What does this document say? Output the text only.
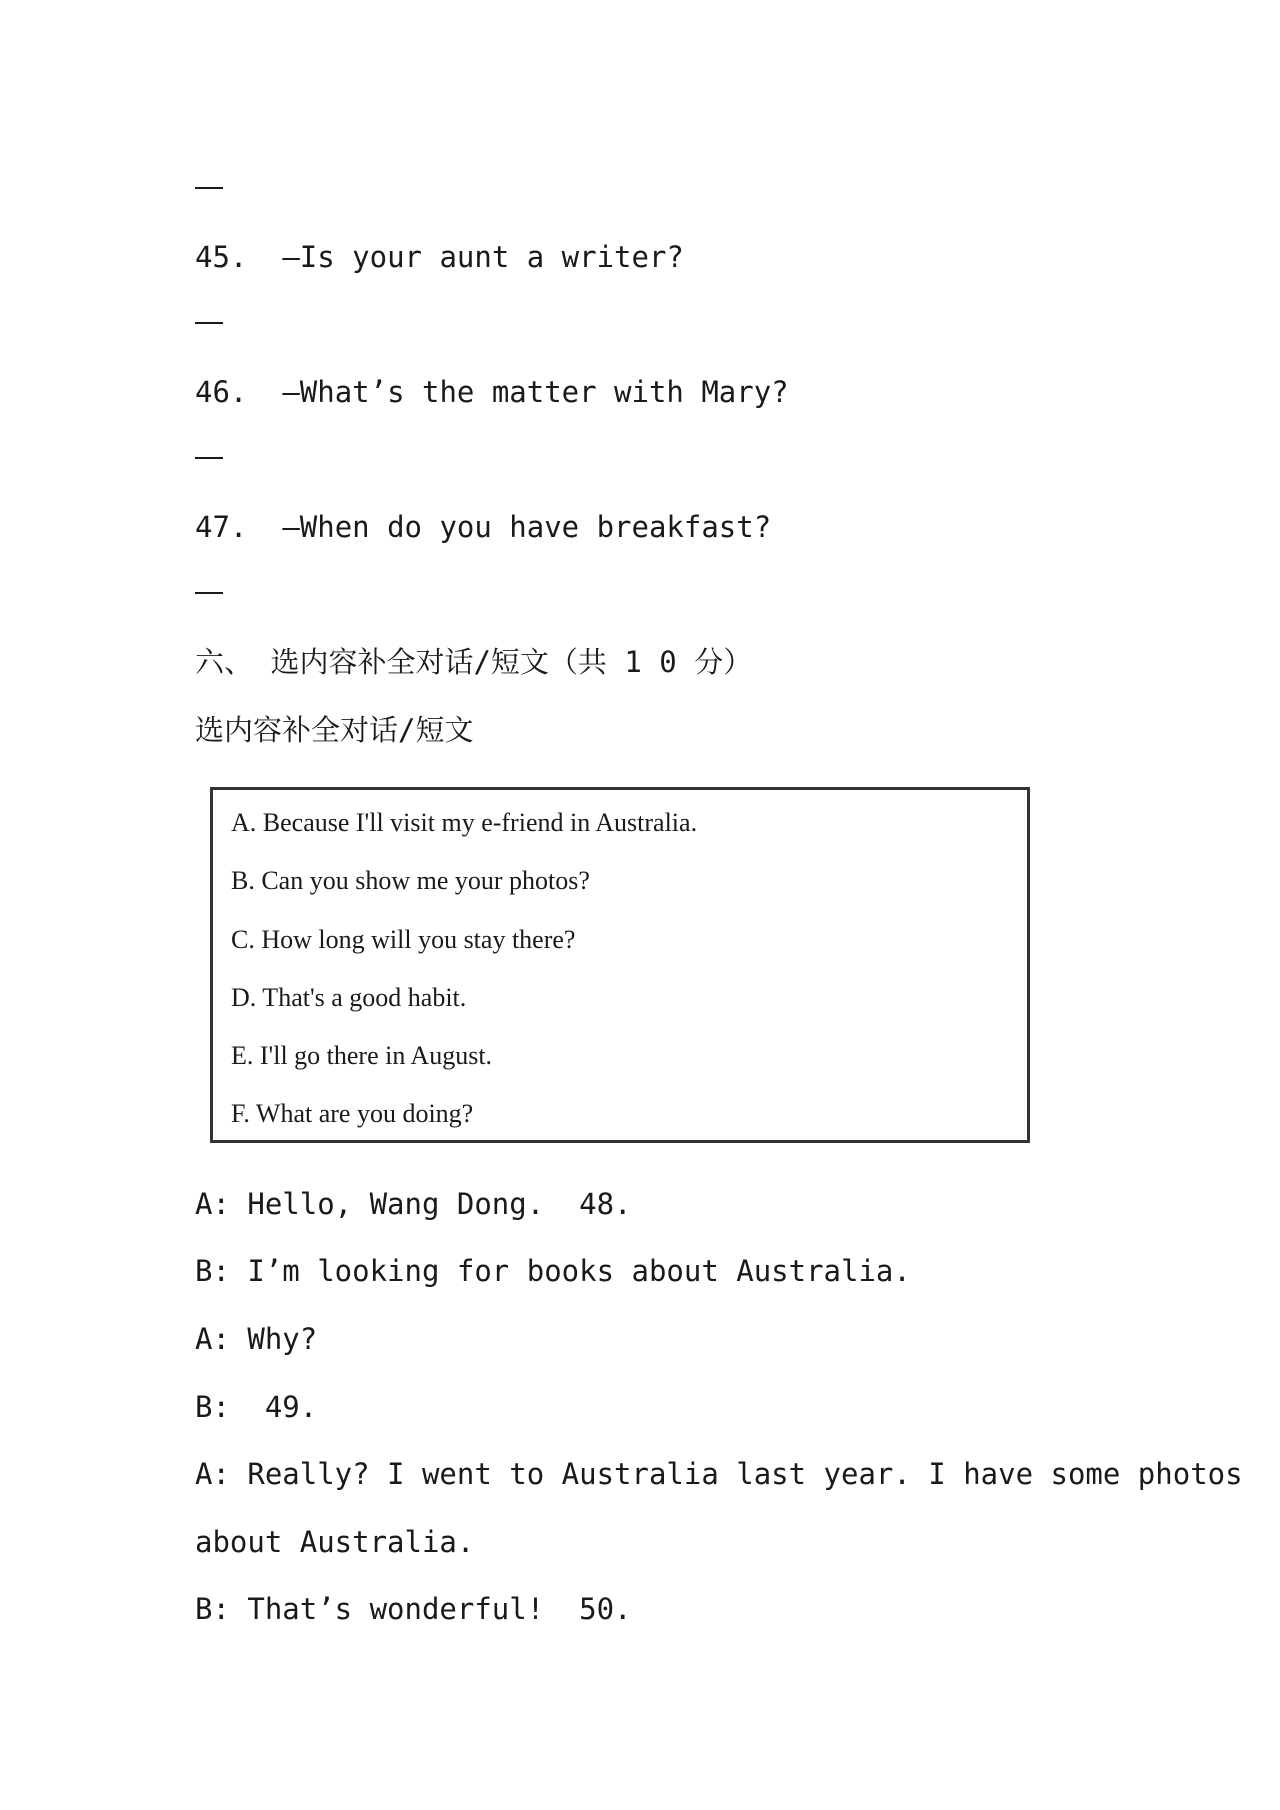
45. —Is your aunt a writer?
46. —What’s the matter with Mary?
47. —When do you have breakfast?
六、 选内容补全对话/短文（共 1 0 分）
选内容补全对话/短文
A. Because I'll visit my e-friend in Australia.
B. Can you show me your photos?
C. How long will you stay there?
D. That's a good habit.
E. I'll go there in August.
F. What are you doing?
A: Hello, Wang Dong.  48.
B: I’m looking for books about Australia.
A: Why?
B:  49.
A: Really? I went to Australia last year. I have some photos
about Australia.
B: That’s wonderful!  50.
